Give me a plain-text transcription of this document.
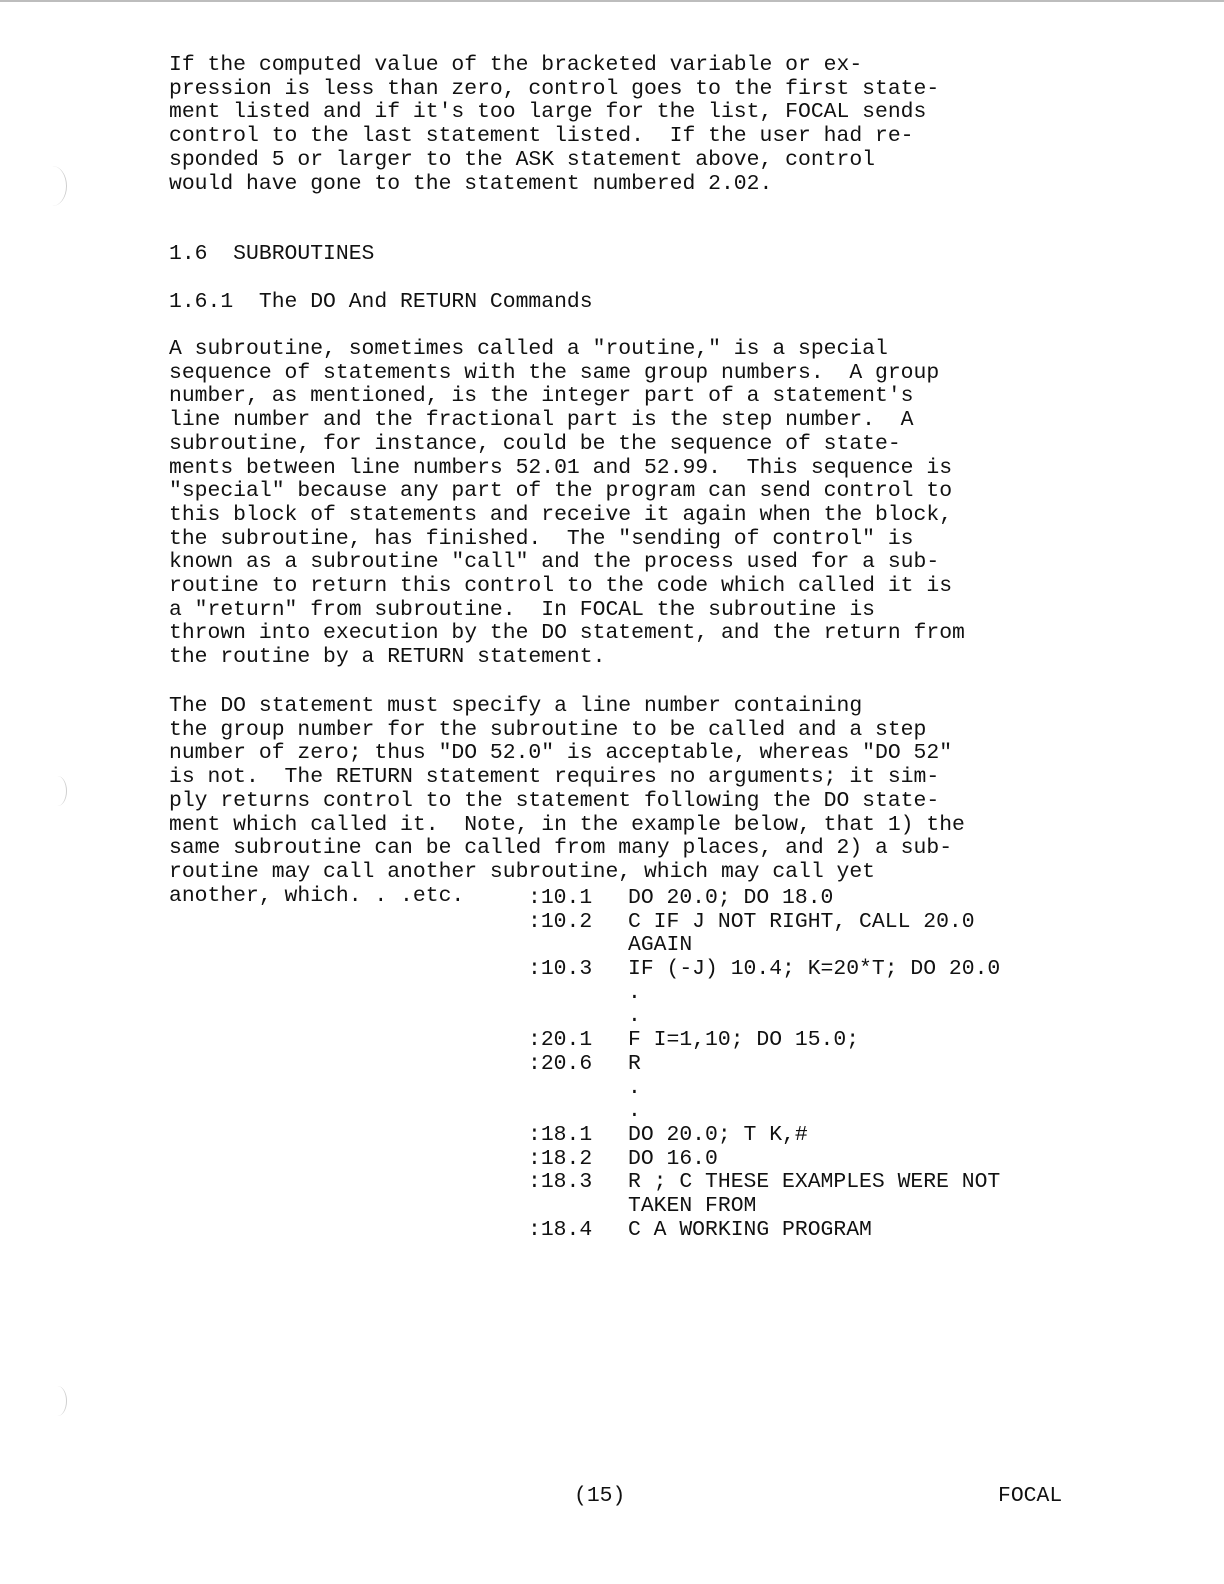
If the computed value of the bracketed variable or ex-
pression is less than zero, control goes to the first state-
ment listed and if it's too large for the list, FOCAL sends
control to the last statement listed.  If the user had re-
sponded 5 or larger to the ASK statement above, control
would have gone to the statement numbered 2.02.
1.6  SUBROUTINES
1.6.1  The DO And RETURN Commands
A subroutine, sometimes called a "routine," is a special
sequence of statements with the same group numbers.  A group
number, as mentioned, is the integer part of a statement's
line number and the fractional part is the step number.  A
subroutine, for instance, could be the sequence of state-
ments between line numbers 52.01 and 52.99.  This sequence is
"special" because any part of the program can send control to
this block of statements and receive it again when the block,
the subroutine, has finished.  The "sending of control" is
known as a subroutine "call" and the process used for a sub-
routine to return this control to the code which called it is
a "return" from subroutine.  In FOCAL the subroutine is
thrown into execution by the DO statement, and the return from
the routine by a RETURN statement.
The DO statement must specify a line number containing
the group number for the subroutine to be called and a step
number of zero; thus "DO 52.0" is acceptable, whereas "DO 52"
is not.  The RETURN statement requires no arguments; it sim-
ply returns control to the statement following the DO state-
ment which called it.  Note, in the example below, that 1) the
same subroutine can be called from many places, and 2) a sub-
routine may call another subroutine, which may call yet
another, which. . .etc.	:10.1 DO 20.0; DO 18.0
:10.2 C IF J NOT RIGHT, CALL 20.0
AGAIN
:10.3 IF (-J) 10.4; K=20*T; DO 20.0
.
.
:20.1 F I=1,10; DO 15.0;
:20.6 R
.
.
:18.1 DO 20.0; T K,#
:18.2 DO 16.0
:18.3 R ; C THESE EXAMPLES WERE NOT
TAKEN FROM
:18.4 C A WORKING PROGRAM
(15)	FOCAL
